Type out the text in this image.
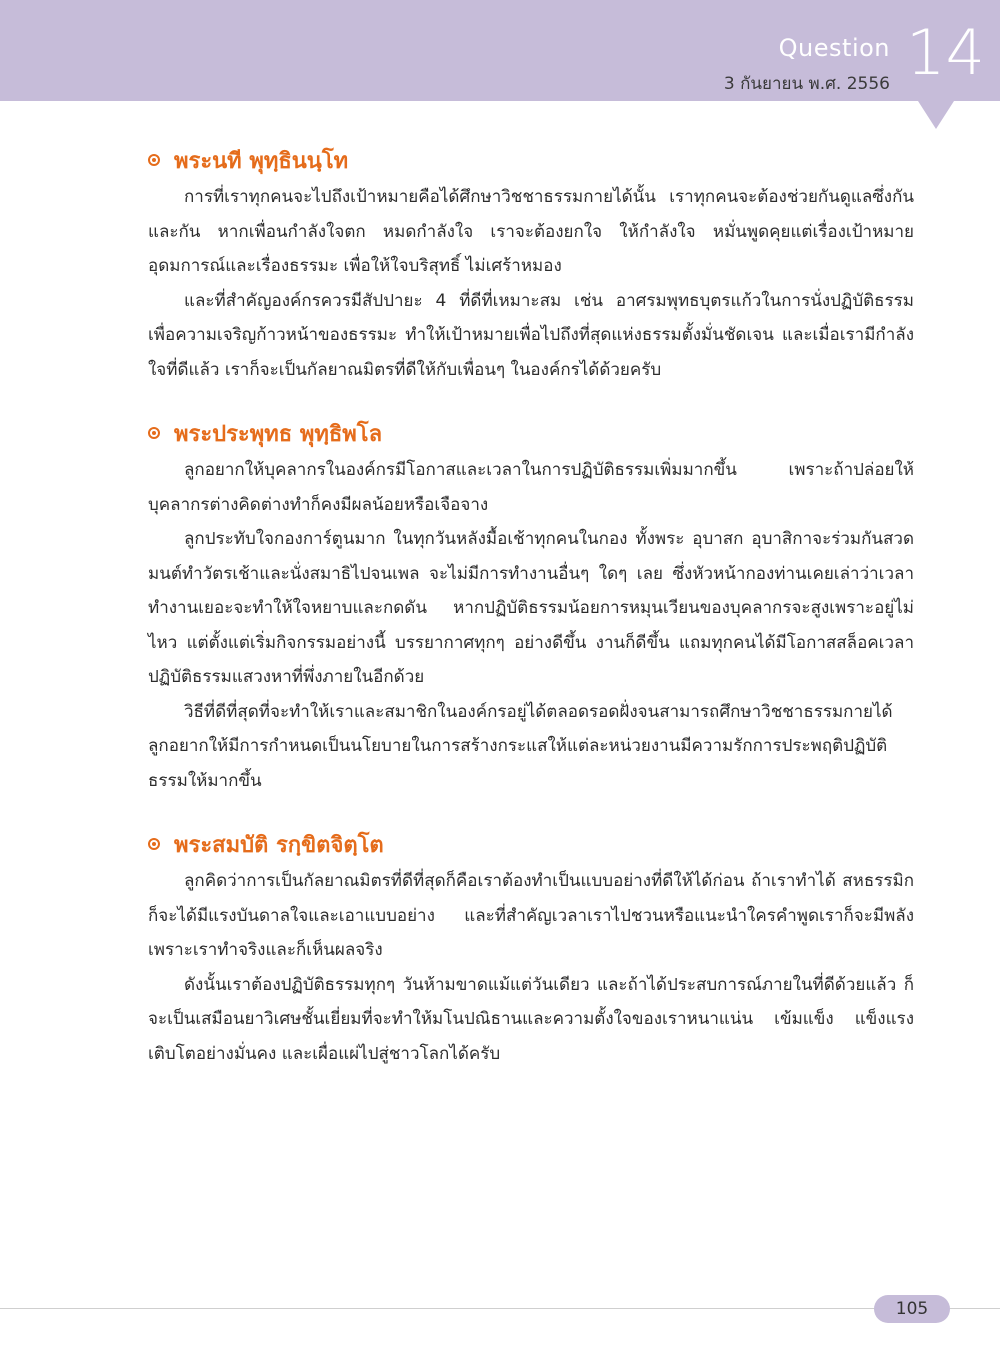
Question
3 กันยายน พ.ศ. 2556 14
พระนที พุทฺธินนฺโท

การที่เราทุกคนจะไปถึงเป้าหมายคือได้ศึกษาวิชชาธรรมกายได้นั้น เราทุกคนจะต้องช่วยกันดูแลซึ่งกันและกัน หากเพื่อนกำลังใจตก หมดกำลังใจ เราจะต้องยกใจ ให้กำลังใจ หมั่นพูดคุยแต่เรื่องเป้าหมายอุดมการณ์และเรื่องธรรมะ เพื่อให้ใจบริสุทธิ์ ไม่เศร้าหมอง

และที่สำคัญองค์กรควรมีสัปปายะ 4 ที่ดีที่เหมาะสม เช่น อาศรมพุทธบุตรแก้วในการนั่งปฏิบัติธรรม เพื่อความเจริญก้าวหน้าของธรรมะ ทำให้เป้าหมายเพื่อไปถึงที่สุดแห่งธรรมตั้งมั่นชัดเจน และเมื่อเรามีกำลังใจที่ดีแล้ว เราก็จะเป็นกัลยาณมิตรที่ดีให้กับเพื่อนๆ ในองค์กรได้ด้วยครับ

พระประพุทธ พุทฺธิพโล

ลูกอยากให้บุคลากรในองค์กรมีโอกาสและเวลาในการปฏิบัติธรรมเพิ่มมากขึ้น เพราะถ้าปล่อยให้บุคลากรต่างคิดต่างทำก็คงมีผลน้อยหรือเจือจาง

ลูกประทับใจกองการ์ตูนมาก ในทุกวันหลังมื้อเช้าทุกคนในกอง ทั้งพระ อุบาสก อุบาสิกาจะร่วมกันสวดมนต์ทำวัตรเช้าและนั่งสมาธิไปจนเพล จะไม่มีการทำงานอื่นๆ ใดๆ เลย ซึ่งหัวหน้ากองท่านเคยเล่าว่าเวลาทำงานเยอะจะทำให้ใจหยาบและกดดัน หากปฏิบัติธรรมน้อยการหมุนเวียนของบุคลากรจะสูงเพราะอยู่ไม่ไหว แต่ตั้งแต่เริ่มกิจกรรมอย่างนี้ บรรยากาศทุกๆ อย่างดีขึ้น งานก็ดีขึ้น แถมทุกคนได้มีโอกาสสล็อคเวลาปฏิบัติธรรมแสวงหาที่พึ่งภายในอีกด้วย

วิธีที่ดีที่สุดที่จะทำให้เราและสมาชิกในองค์กรอยู่ได้ตลอดรอดฝั่งจนสามารถศึกษาวิชชาธรรมกายได้ ลูกอยากให้มีการกำหนดเป็นนโยบายในการสร้างกระแสให้แต่ละหน่วยงานมีความรักการประพฤติปฏิบัติธรรมให้มากขึ้น

พระสมบัติ รกฺขิตจิตฺโต

ลูกคิดว่าการเป็นกัลยาณมิตรที่ดีที่สุดก็คือเราต้องทำเป็นแบบอย่างที่ดีให้ได้ก่อน ถ้าเราทำได้ สหธรรมิกก็จะได้มีแรงบันดาลใจและเอาแบบอย่าง และที่สำคัญเวลาเราไปชวนหรือแนะนำใครคำพูดเราก็จะมีพลัง เพราะเราทำจริงและก็เห็นผลจริง

ดังนั้นเราต้องปฏิบัติธรรมทุกๆ วันห้ามขาดแม้แต่วันเดียว และถ้าได้ประสบการณ์ภายในที่ดีด้วยแล้ว ก็จะเป็นเสมือนยาวิเศษชั้นเยี่ยมที่จะทำให้มโนปณิธานและความตั้งใจของเราหนาแน่น เข้มแข็ง แข็งแรง เติบโตอย่างมั่นคง และเผื่อแผ่ไปสู่ชาวโลกได้ครับ

105
